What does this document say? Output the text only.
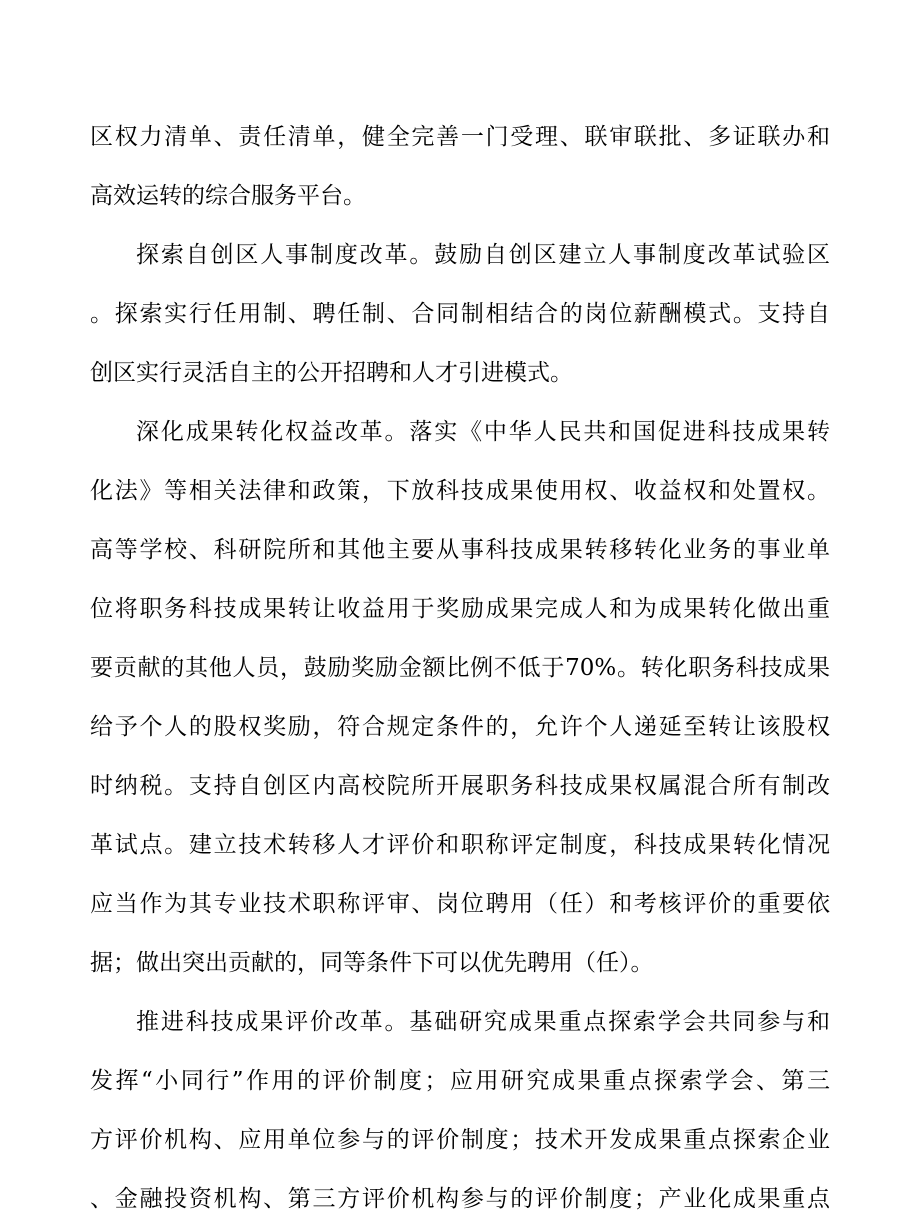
区权力清单、责任清单，健全完善一门受理、联审联批、多证联办和
高效运转的综合服务平台。
探索自创区人事制度改革。鼓励自创区建立人事制度改革试验区
。探索实行任用制、聘任制、合同制相结合的岗位薪酬模式。支持自
创区实行灵活自主的公开招聘和人才引进模式。
深化成果转化权益改革。落实《中华人民共和国促进科技成果转
化法》等相关法律和政策，下放科技成果使用权、收益权和处置权。
高等学校、科研院所和其他主要从事科技成果转移转化业务的事业单
位将职务科技成果转让收益用于奖励成果完成人和为成果转化做出重
要贡献的其他人员，鼓励奖励金额比例不低于70%。转化职务科技成果
给予个人的股权奖励，符合规定条件的，允许个人递延至转让该股权
时纳税。支持自创区内高校院所开展职务科技成果权属混合所有制改
革试点。建立技术转移人才评价和职称评定制度，科技成果转化情况
应当作为其专业技术职称评审、岗位聘用（任）和考核评价的重要依
据；做出突出贡献的，同等条件下可以优先聘用（任）。
推进科技成果评价改革。基础研究成果重点探索学会共同参与和
发挥“小同行”作用的评价制度；应用研究成果重点探索学会、第三
方评价机构、应用单位参与的评价制度；技术开发成果重点探索企业
、金融投资机构、第三方评价机构参与的评价制度；产业化成果重点
